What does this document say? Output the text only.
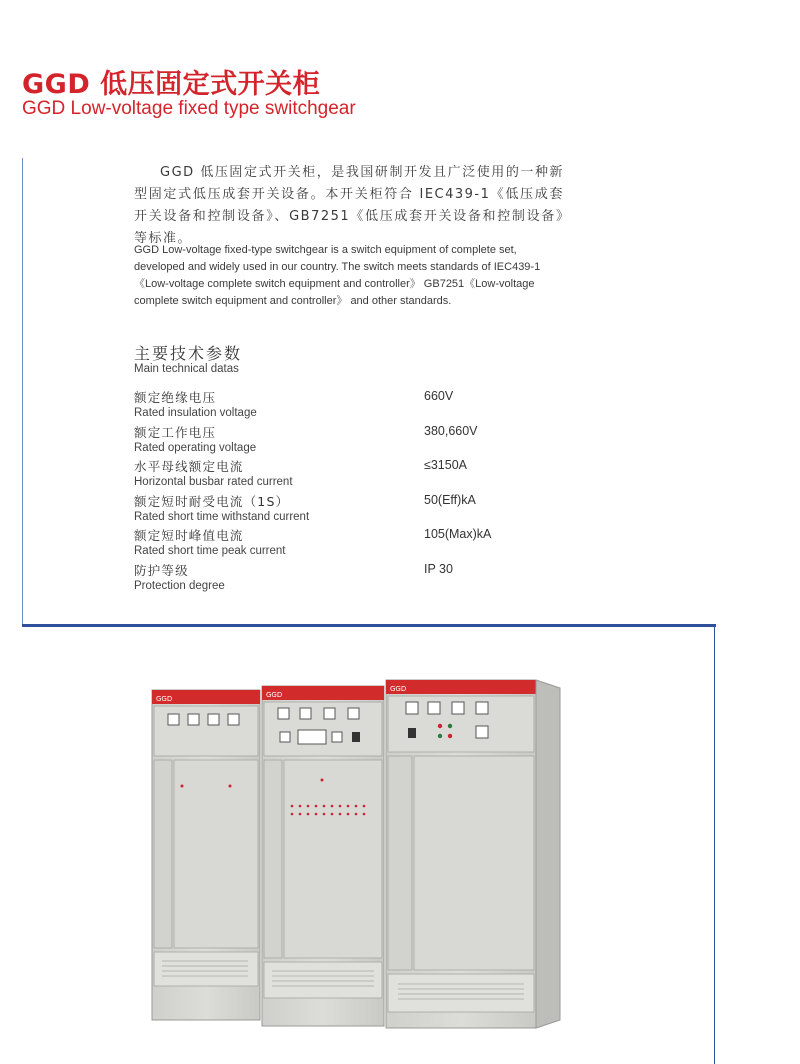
GGD 低压固定式开关柜
GGD Low-voltage fixed type switchgear
GGD 低压固定式开关柜，是我国研制开发且广泛使用的一种新型固定式低压成套开关设备。本开关柜符合 IEC439-1《低压成套开关设备和控制设备》、GB7251《低压成套开关设备和控制设备》等标准。
GGD Low-voltage fixed-type switchgear is a switch equipment of complete set, developed and widely used in our country. The switch meets standards of IEC439-1《Low-voltage complete switch equipment and controller》 GB7251《Low-voltage complete switch equipment and controller》 and other standards.
主要技术参数
Main technical datas
额定绝缘电压
Rated insulation voltage
660V
额定工作电压
Rated operating voltage
380,660V
水平母线额定电流
Horizontal busbar rated current
≤3150A
额定短时耐受电流（1S）
Rated short time withstand current
50(Eff)kA
额定短时峰值电流
Rated short time peak current
105(Max)kA
防护等级
Protection degree
IP 30
GGD	GGD
GGD
